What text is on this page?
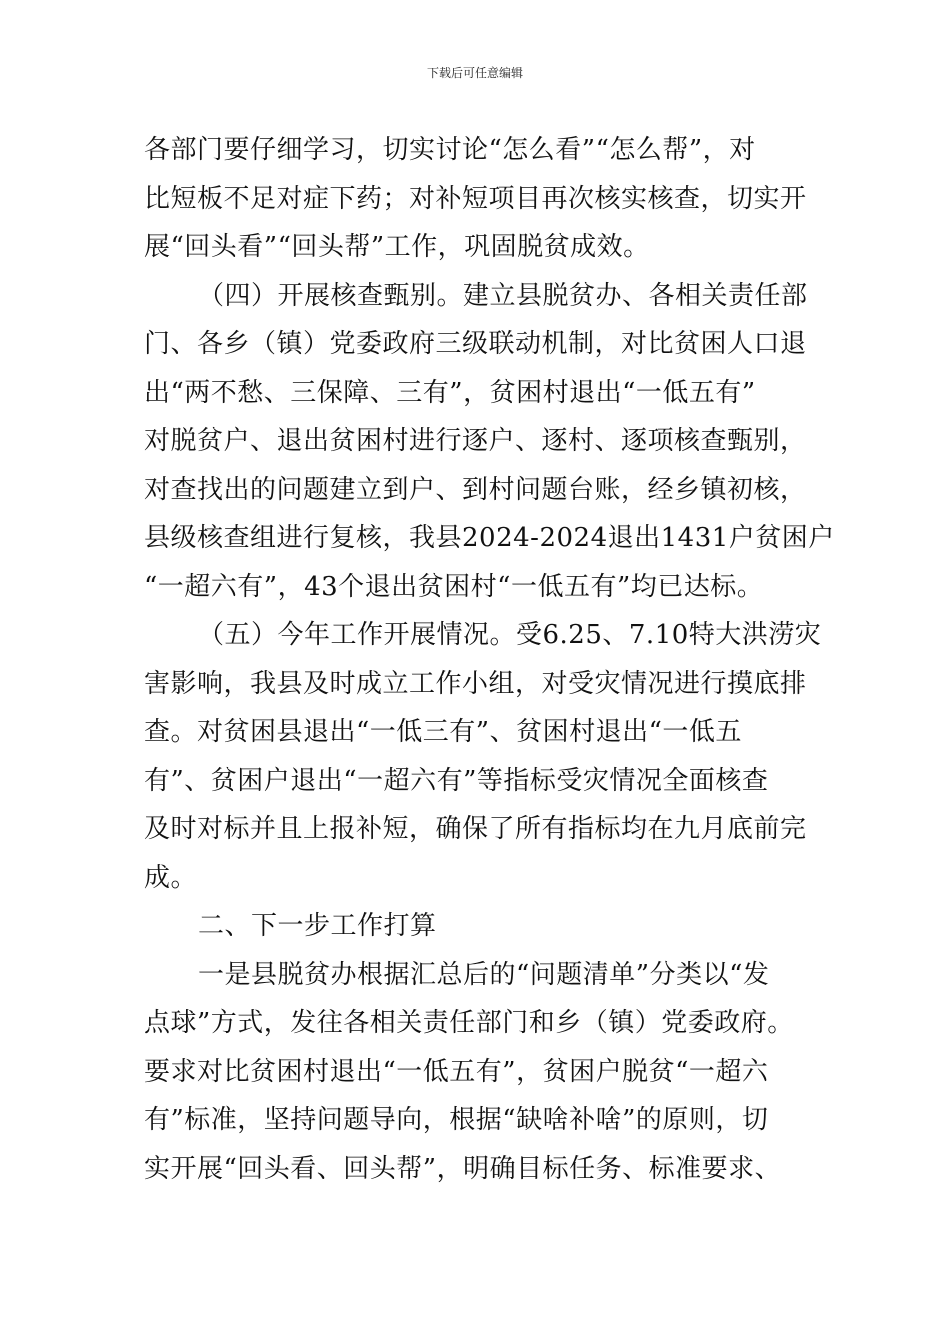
下载后可任意编辑
各部门要仔细学习，切实讨论“怎么看”“怎么帮”，对
比短板不足对症下药；对补短项目再次核实核查，切实开
展“回头看”“回头帮”工作，巩固脱贫成效。
（四）开展核查甄别。建立县脱贫办、各相关责任部
门、各乡（镇）党委政府三级联动机制，对比贫困人口退
出“两不愁、三保障、三有”，贫困村退出“一低五有”
对脱贫户、退出贫困村进行逐户、逐村、逐项核查甄别，
对查找出的问题建立到户、到村问题台账，经乡镇初核，
县级核查组进行复核，我县2024-2024退出1431户贫困户
“一超六有”，43个退出贫困村“一低五有”均已达标。
（五）今年工作开展情况。受6.25、7.10特大洪涝灾
害影响，我县及时成立工作小组，对受灾情况进行摸底排
查。对贫困县退出“一低三有”、贫困村退出“一低五
有”、贫困户退出“一超六有”等指标受灾情况全面核查
及时对标并且上报补短，确保了所有指标均在九月底前完
成。
二、下一步工作打算
一是县脱贫办根据汇总后的“问题清单”分类以“发
点球”方式，发往各相关责任部门和乡（镇）党委政府。
要求对比贫困村退出“一低五有”，贫困户脱贫“一超六
有”标准，坚持问题导向，根据“缺啥补啥”的原则，切
实开展“回头看、回头帮”，明确目标任务、标准要求、
